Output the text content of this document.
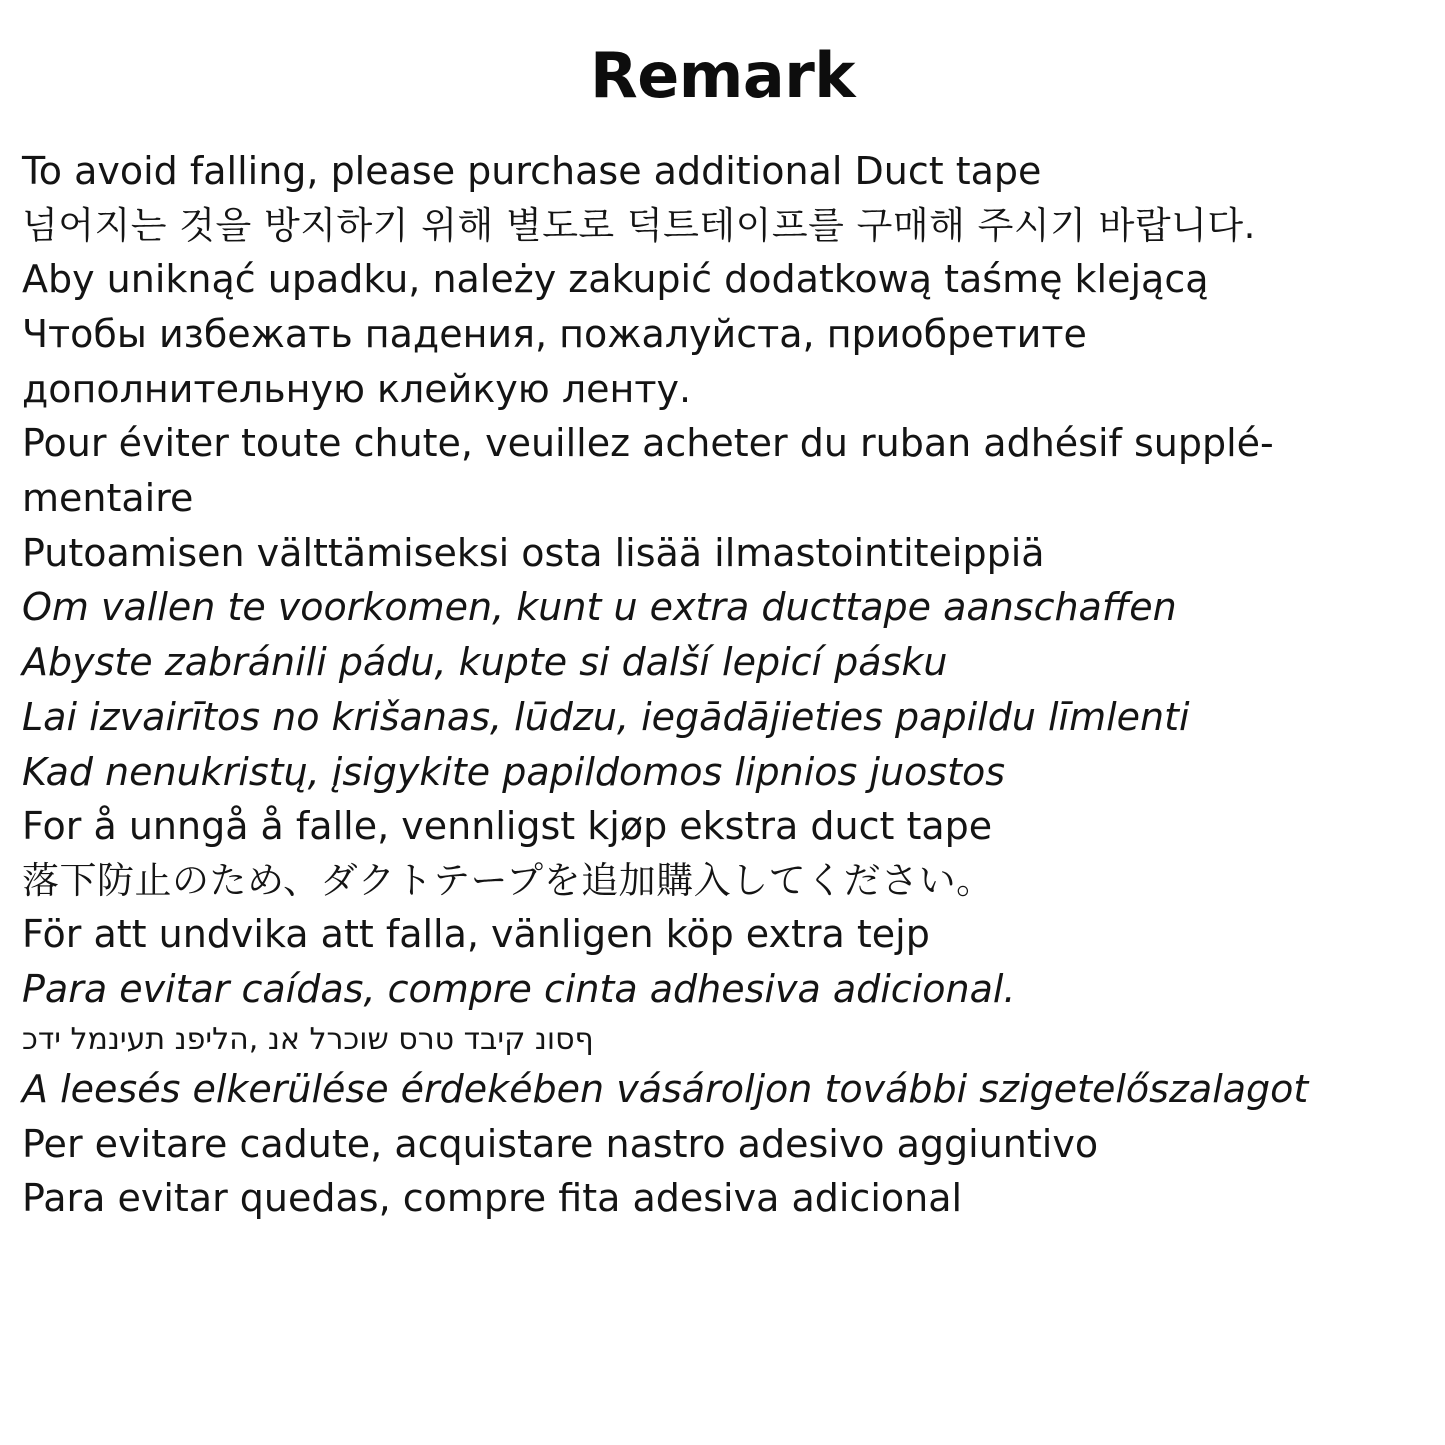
Remark

To avoid falling, please purchase additional Duct tape

넘어지는 것을 방지하기 위해 별도로 덕트테이프를 구매해 주시기 바랍니다.

Aby uniknąć upadku, należy zakupić dodatkową taśmę klejącą

Чтобы избежать падения, пожалуйста, приобретите дополнительную клейкую ленту.

Pour éviter toute chute, veuillez acheter du ruban adhésif supplé-mentaire

Putoamisen välttämiseksi osta lisää ilmastointiteippiä

Om vallen te voorkomen, kunt u extra ducttape aanschaffen

Abyste zabránili pádu, kupte si další lepicí pásku

Lai izvairītos no krišanas, lūdzu, iegādājieties papildu līmlenti

Kad nenukristų, įsigykite papildomos lipnios juostos

For å unngå å falle, vennligst kjøp ekstra duct tape

落下防止のため、ダクトテープを追加購入してください。

För att undvika att falla, vänligen köp extra tejp

Para evitar caídas, compre cinta adhesiva adicional.

ףסונ קיבד טרס שוכרל אנ ,הליפנ תעינמל ידכ

A leesés elkerülése érdekében vásároljon további szigetelőszalagot

Per evitare cadute, acquistare nastro adesivo aggiuntivo

Para evitar quedas, compre fita adesiva adicional
